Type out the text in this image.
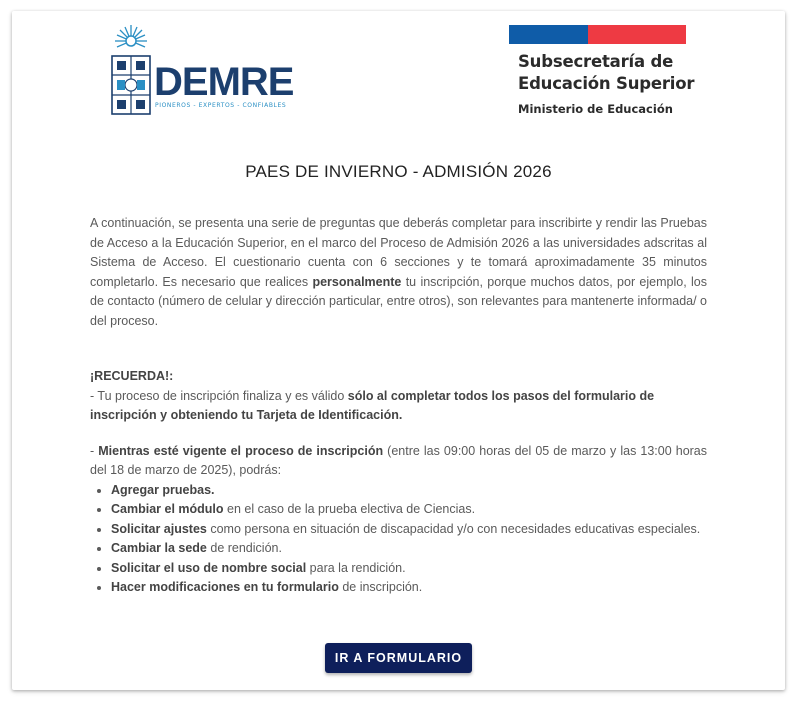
DEMRE
PIONEROS - EXPERTOS - CONFIABLES
Subsecretaría de
Educación Superior
Ministerio de Educación
PAES DE INVIERNO - ADMISIÓN 2026

A continuación, se presenta una serie de preguntas que deberás completar para inscribirte y rendir las Pruebas de Acceso a la Educación Superior, en el marco del Proceso de Admisión 2026 a las universidades adscritas al Sistema de Acceso. El cuestionario cuenta con 6 secciones y te tomará aproximadamente 35 minutos completarlo. Es necesario que realices personalmente tu inscripción, porque muchos datos, por ejemplo, los de contacto (número de celular y dirección particular, entre otros), son relevantes para mantenerte informada/ o del proceso.

¡RECUERDA!:
- Tu proceso de inscripción finaliza y es válido sólo al completar todos los pasos del formulario de inscripción y obteniendo tu Tarjeta de Identificación.
- Mientras esté vigente el proceso de inscripción (entre las 09:00 horas del 05 de marzo y las 13:00 horas del 18 de marzo de 2025), podrás:
• Agregar pruebas.
• Cambiar el módulo en el caso de la prueba electiva de Ciencias.
• Solicitar ajustes como persona en situación de discapacidad y/o con necesidades educativas especiales.
• Cambiar la sede de rendición.
• Solicitar el uso de nombre social para la rendición.
• Hacer modificaciones en tu formulario de inscripción.
IR A FORMULARIO
